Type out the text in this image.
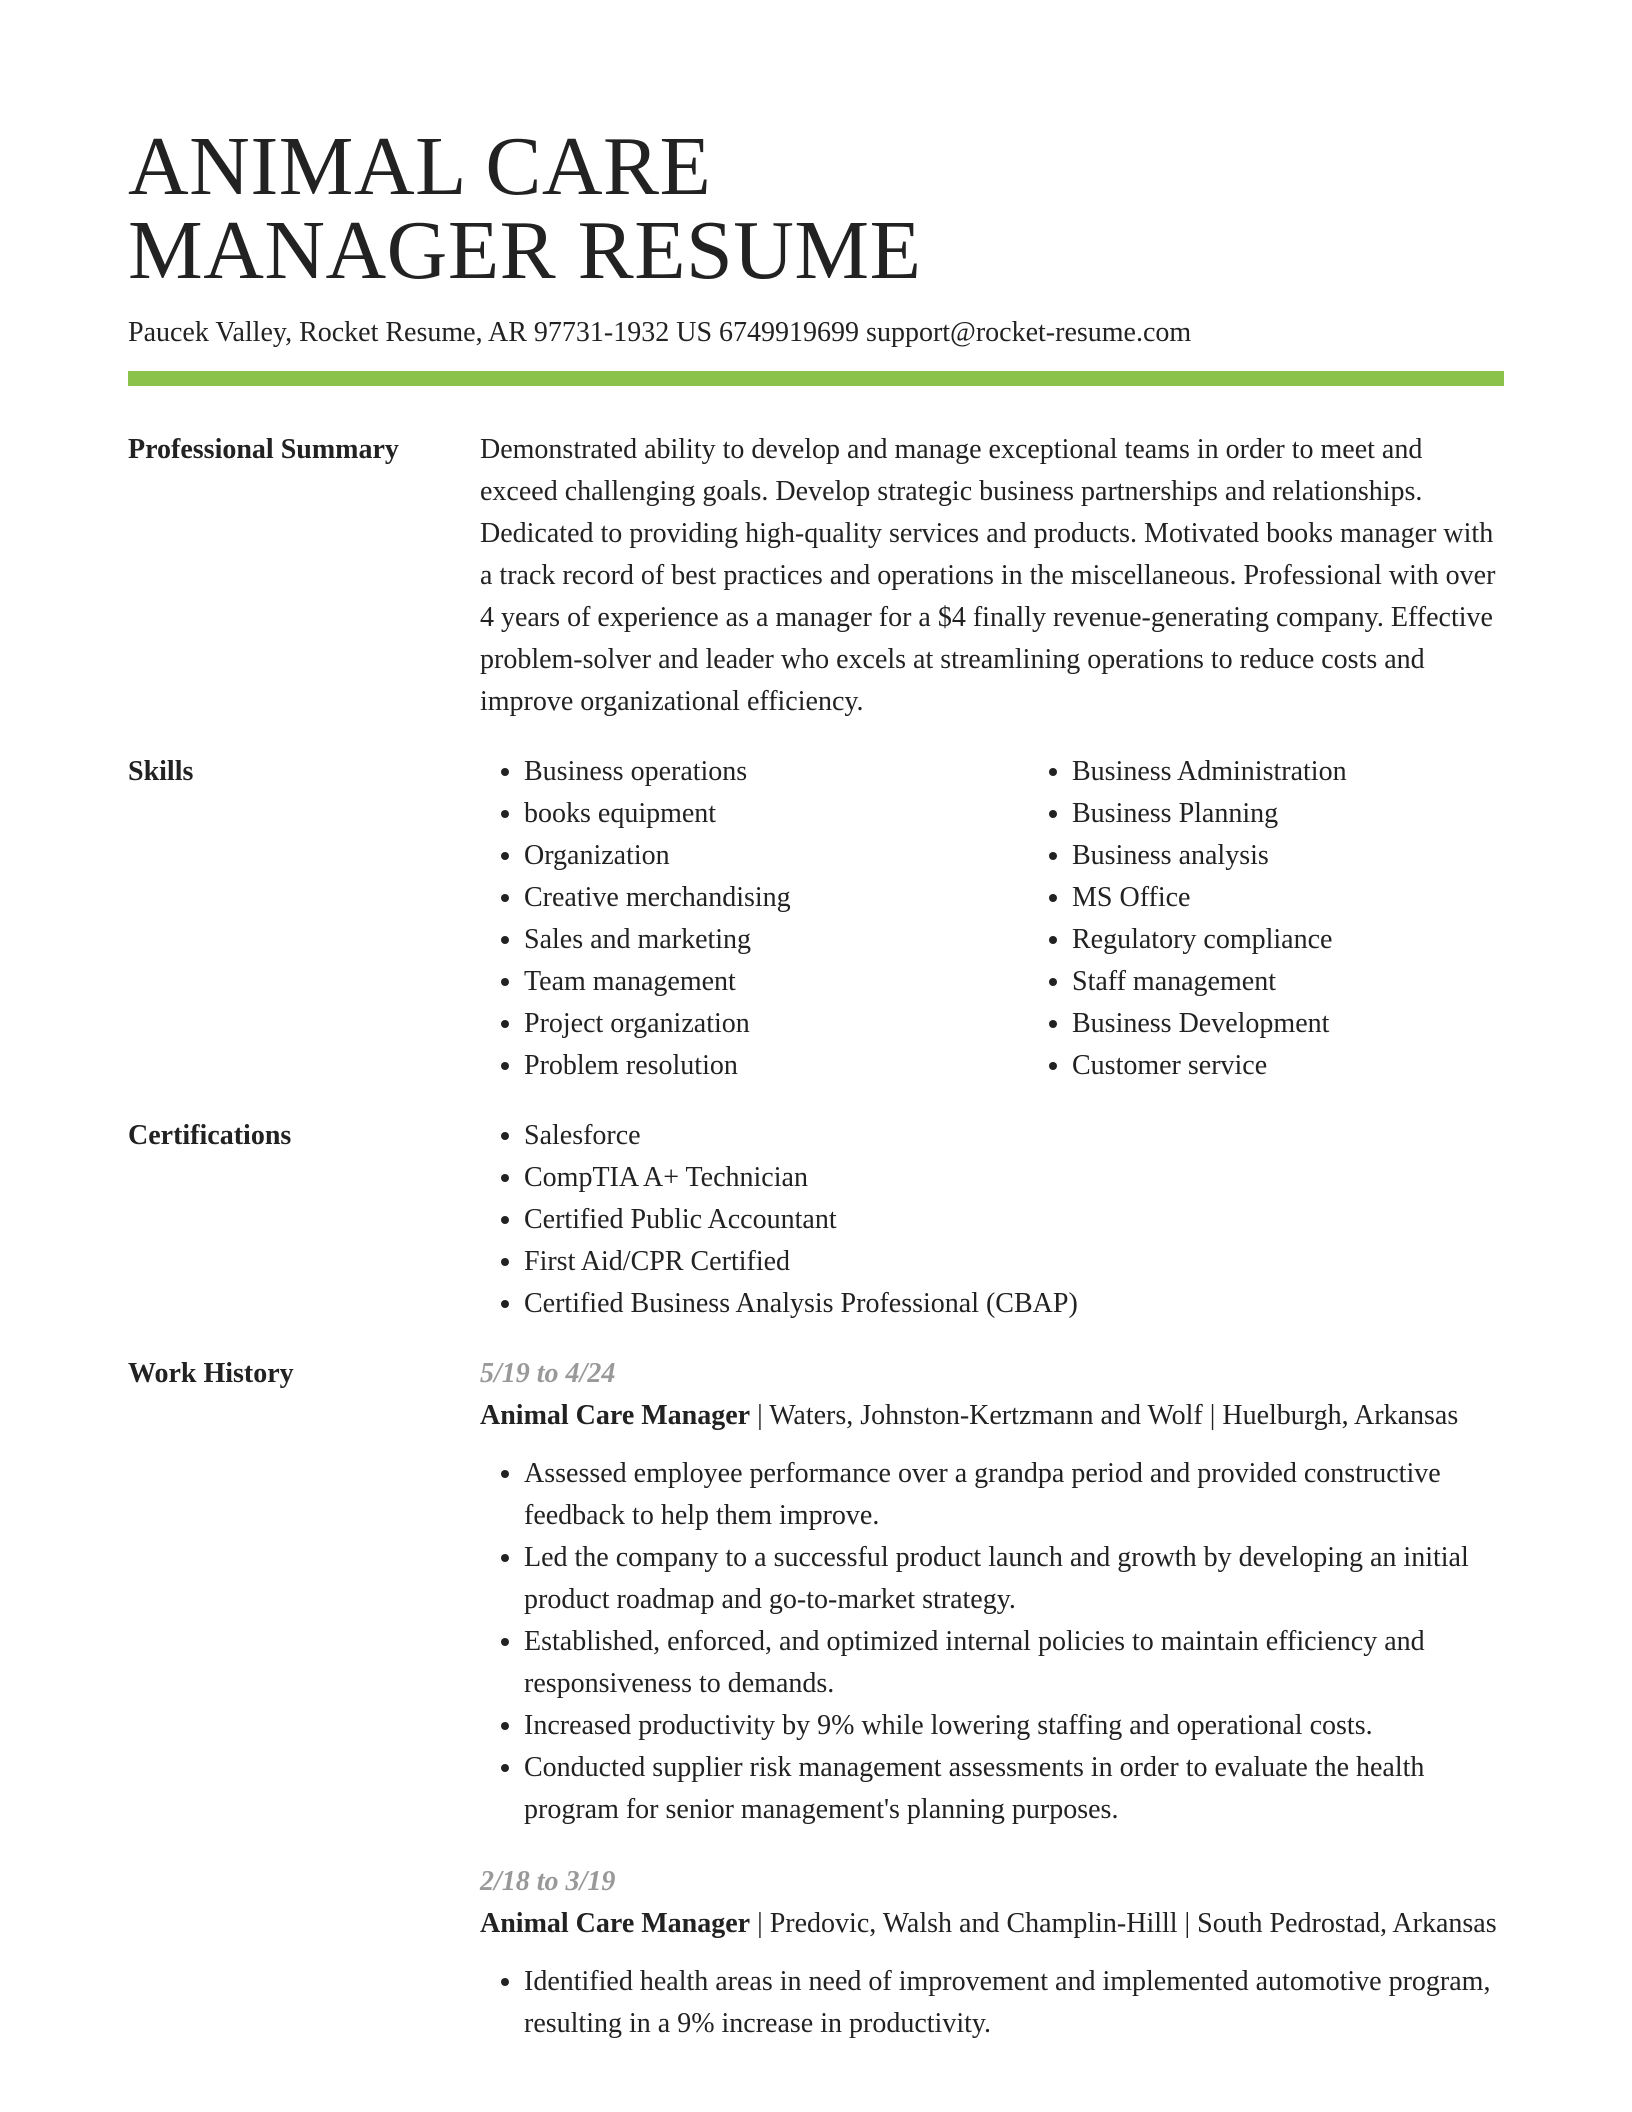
ANIMAL CARE
MANAGER RESUME
Paucek Valley, Rocket Resume, AR 97731-1932 US 6749919699 support@rocket-resume.com
Professional Summary	Demonstrated ability to develop and manage exceptional teams in order to meet and exceed challenging goals. Develop strategic business partnerships and relationships. Dedicated to providing high-quality services and products. Motivated books manager with a track record of best practices and operations in the miscellaneous. Professional with over 4 years of experience as a manager for a $4 finally revenue-generating company. Effective problem-solver and leader who excels at streamlining operations to reduce costs and improve organizational efficiency.

Skills	• Business operations
• books equipment
• Organization
• Creative merchandising
• Sales and marketing
• Team management
• Project organization
• Problem resolution
• Business Administration
• Business Planning
• Business analysis
• MS Office
• Regulatory compliance
• Staff management
• Business Development
• Customer service
Certifications	• Salesforce
• CompTIA A+ Technician
• Certified Public Accountant
• First Aid/CPR Certified
• Certified Business Analysis Professional (CBAP)
Work History	5/19 to 4/24
Animal Care Manager | Waters, Johnston-Kertzmann and Wolf | Huelburgh, Arkansas
• Assessed employee performance over a grandpa period and provided constructive feedback to help them improve.
• Led the company to a successful product launch and growth by developing an initial product roadmap and go-to-market strategy.
• Established, enforced, and optimized internal policies to maintain efficiency and responsiveness to demands.
• Increased productivity by 9% while lowering staffing and operational costs.
• Conducted supplier risk management assessments in order to evaluate the health program for senior management's planning purposes.
2/18 to 3/19
Animal Care Manager | Predovic, Walsh and Champlin-Hilll | South Pedrostad, Arkansas
• Identified health areas in need of improvement and implemented automotive program, resulting in a 9% increase in productivity.
